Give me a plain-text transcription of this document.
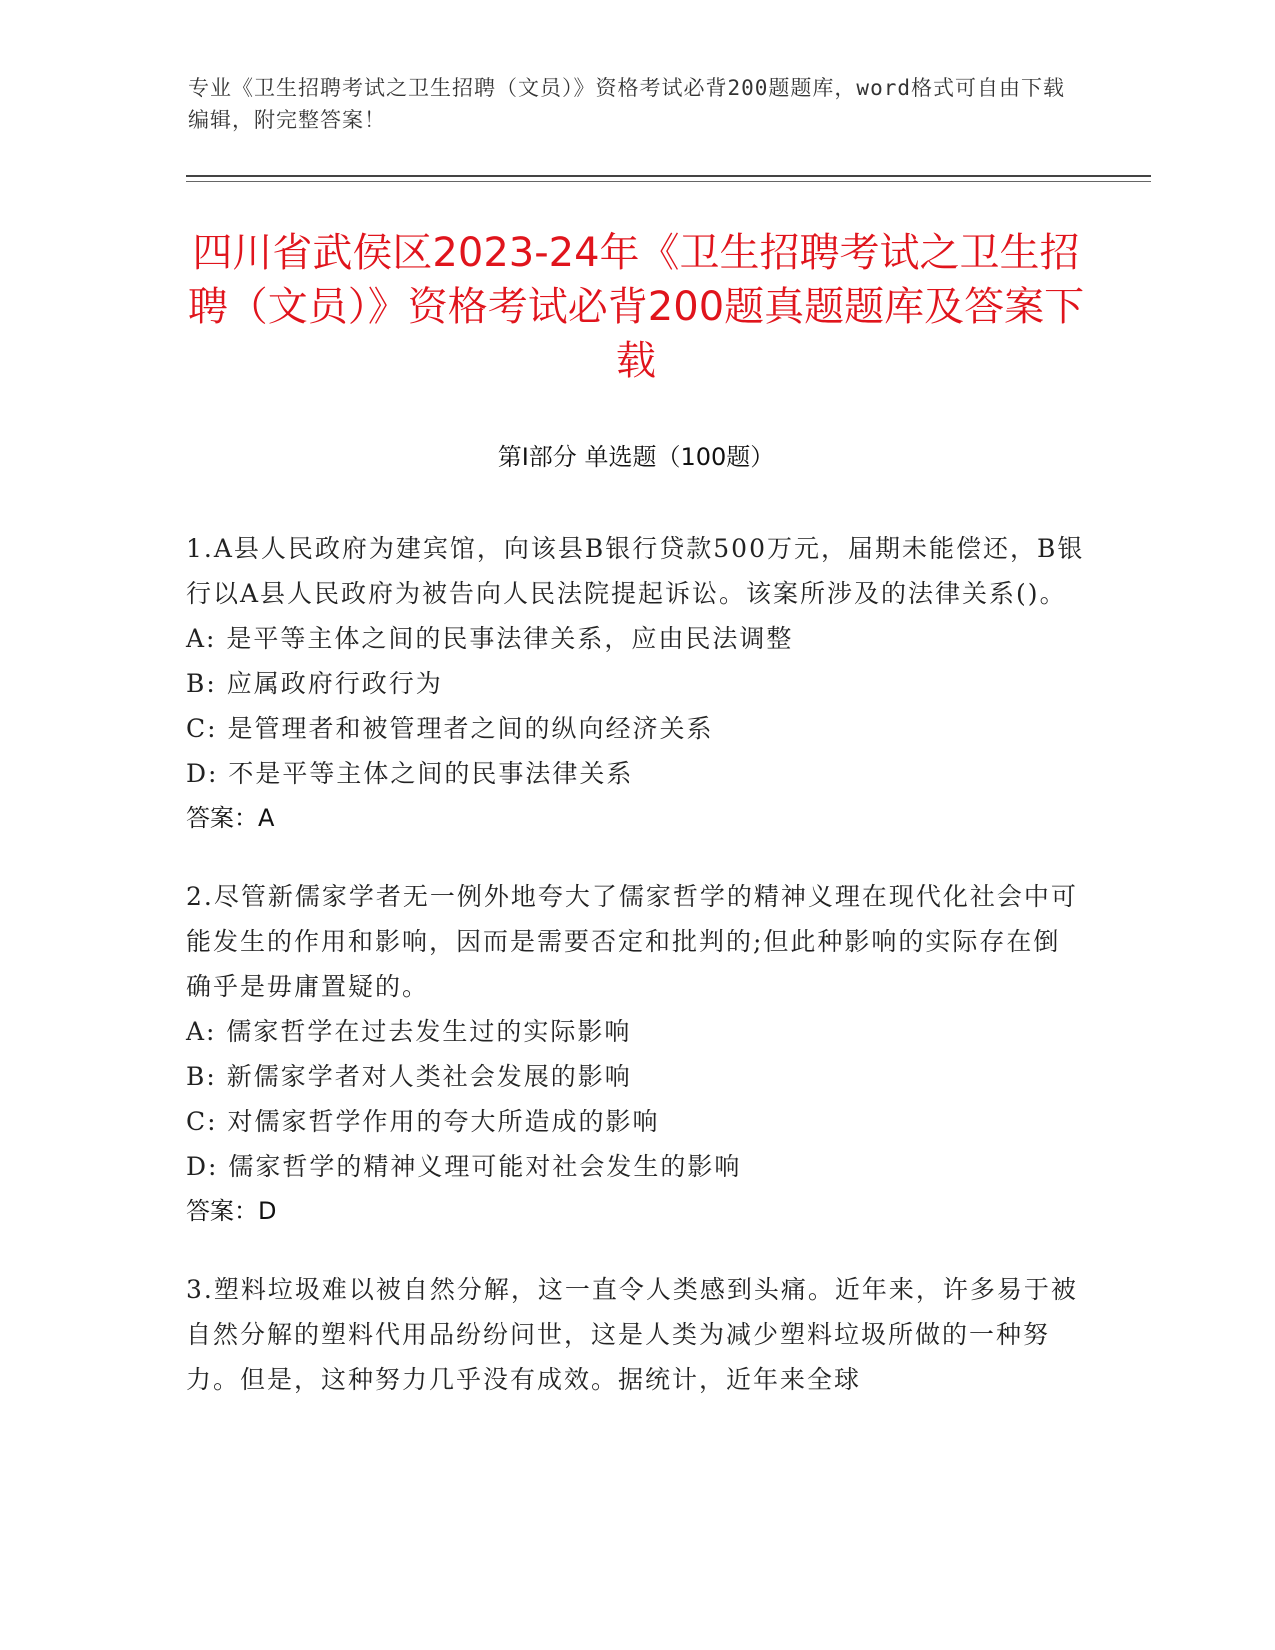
专业《卫生招聘考试之卫生招聘（文员）》资格考试必背200题题库，word格式可自由下载编辑，附完整答案！
四川省武侯区2023-24年《卫生招聘考试之卫生招聘（文员）》资格考试必背200题真题题库及答案下载
第Ⅰ部分 单选题（100题）
1.A县人民政府为建宾馆，向该县B银行贷款500万元，届期未能偿还，B银行以A县人民政府为被告向人民法院提起诉讼。该案所涉及的法律关系()。
A: 是平等主体之间的民事法律关系，应由民法调整
B: 应属政府行政行为
C: 是管理者和被管理者之间的纵向经济关系
D: 不是平等主体之间的民事法律关系
答案：A
2.尽管新儒家学者无一例外地夸大了儒家哲学的精神义理在现代化社会中可能发生的作用和影响，因而是需要否定和批判的;但此种影响的实际存在倒确乎是毋庸置疑的。
A: 儒家哲学在过去发生过的实际影响
B: 新儒家学者对人类社会发展的影响
C: 对儒家哲学作用的夸大所造成的影响
D: 儒家哲学的精神义理可能对社会发生的影响
答案：D
3.塑料垃圾难以被自然分解，这一直令人类感到头痛。近年来，许多易于被自然分解的塑料代用品纷纷问世，这是人类为减少塑料垃圾所做的一种努力。但是，这种努力几乎没有成效。据统计，近年来全球
